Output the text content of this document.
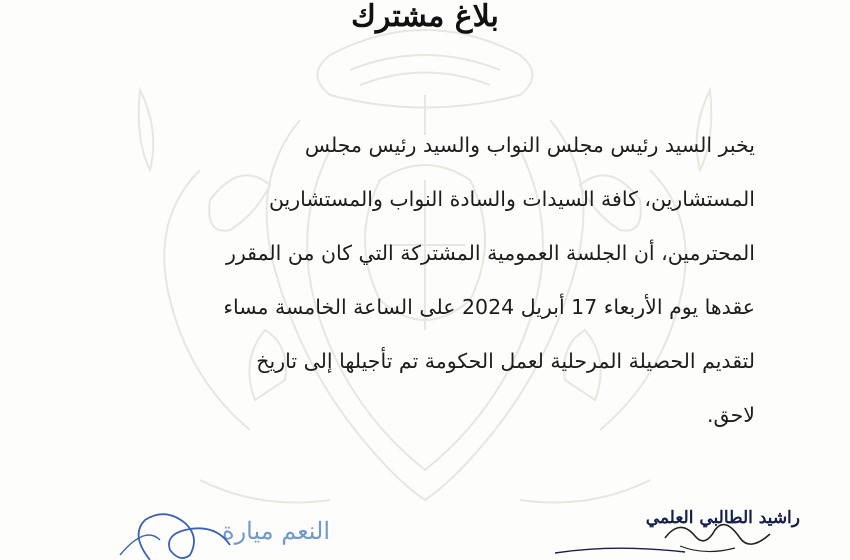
بلاغ مشترك
يخبر السيد رئيس مجلس النواب والسيد رئيس مجلس
المستشارين، كافة السيدات والسادة النواب والمستشارين
المحترمين، أن الجلسة العمومية المشتركة التي كان من المقرر
عقدها يوم الأربعاء 17 أبريل 2024 على الساعة الخامسة مساء
لتقديم الحصيلة المرحلية لعمل الحكومة تم تأجيلها إلى تاريخ
لاحق.
راشيد الطالبي العلمي
النعم ميارة
